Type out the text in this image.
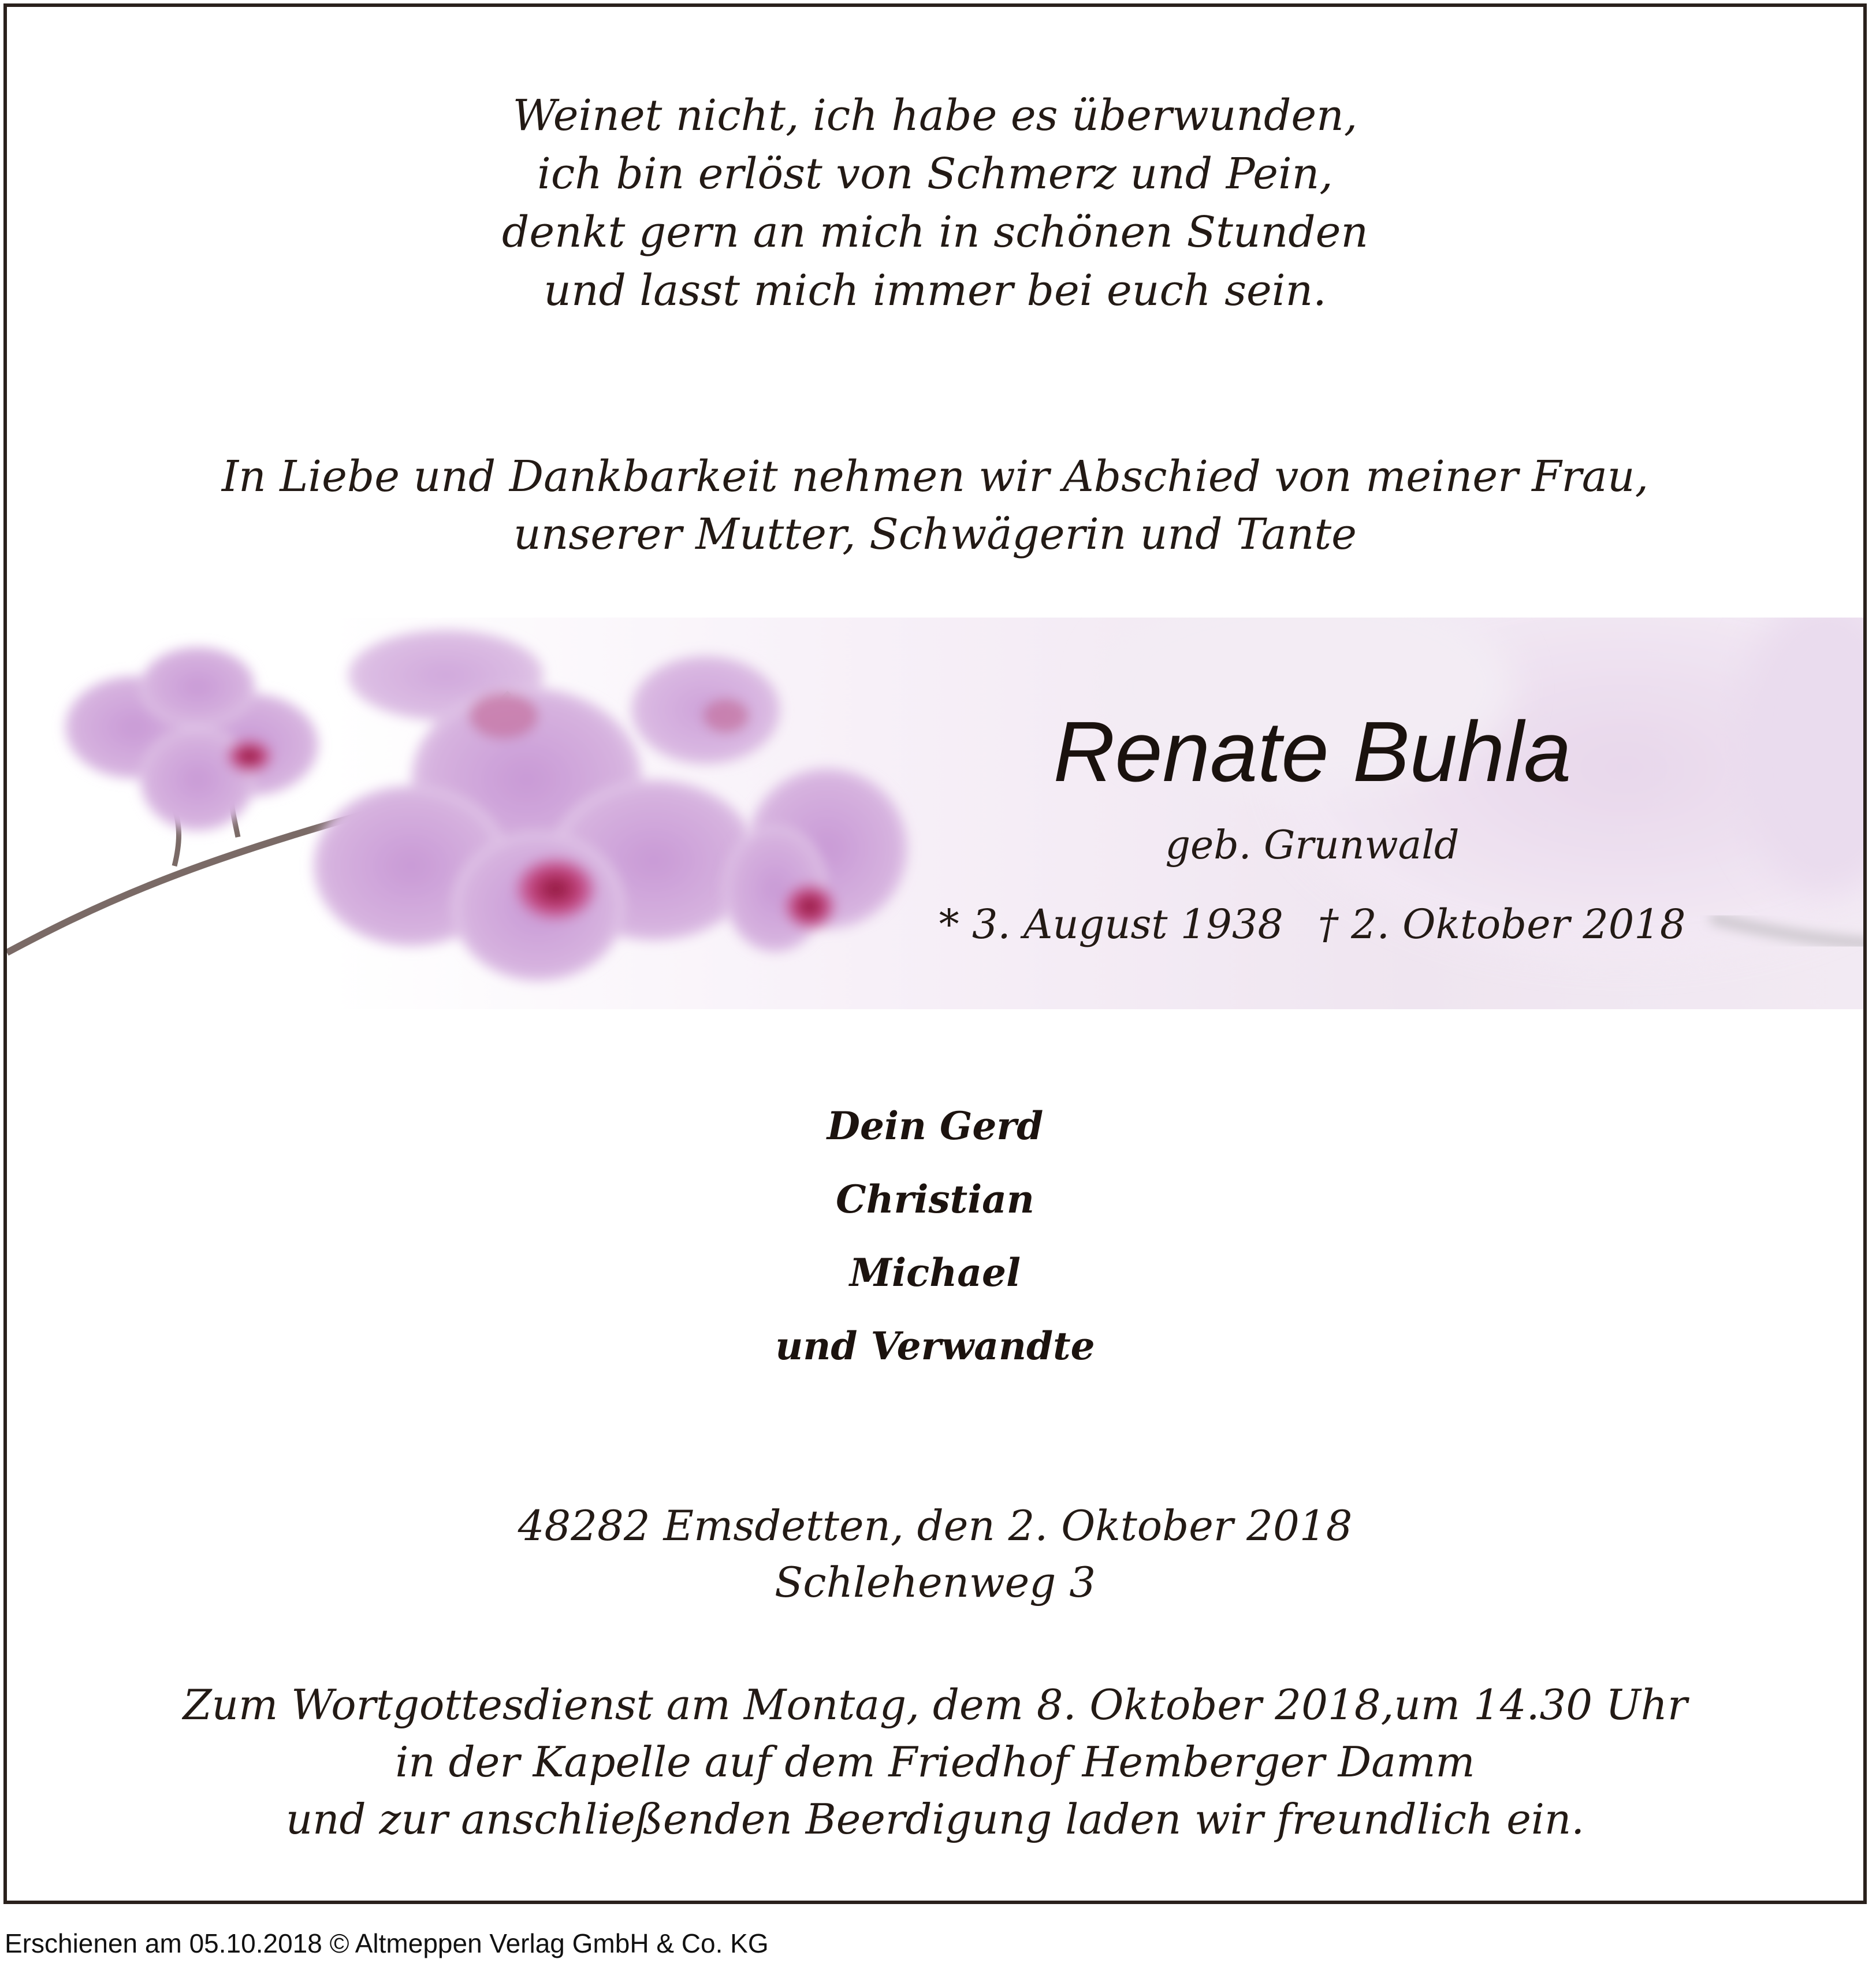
Weinet nicht, ich habe es überwunden,
ich bin erlöst von Schmerz und Pein,
denkt gern an mich in schönen Stunden
und lasst mich immer bei euch sein.
In Liebe und Dankbarkeit nehmen wir Abschied von meiner Frau,
unserer Mutter, Schwägerin und Tante
Renate Buhla
geb. Grunwald
* 3. August 1938 † 2. Oktober 2018
Dein Gerd
Christian
Michael
und Verwandte
48282 Emsdetten, den 2. Oktober 2018
Schlehenweg 3
Zum Wortgottesdienst am Montag, dem 8. Oktober 2018,um 14.30 Uhr
in der Kapelle auf dem Friedhof Hemberger Damm
und zur anschließenden Beerdigung laden wir freundlich ein.
Erschienen am 05.10.2018 © Altmeppen Verlag GmbH & Co. KG
